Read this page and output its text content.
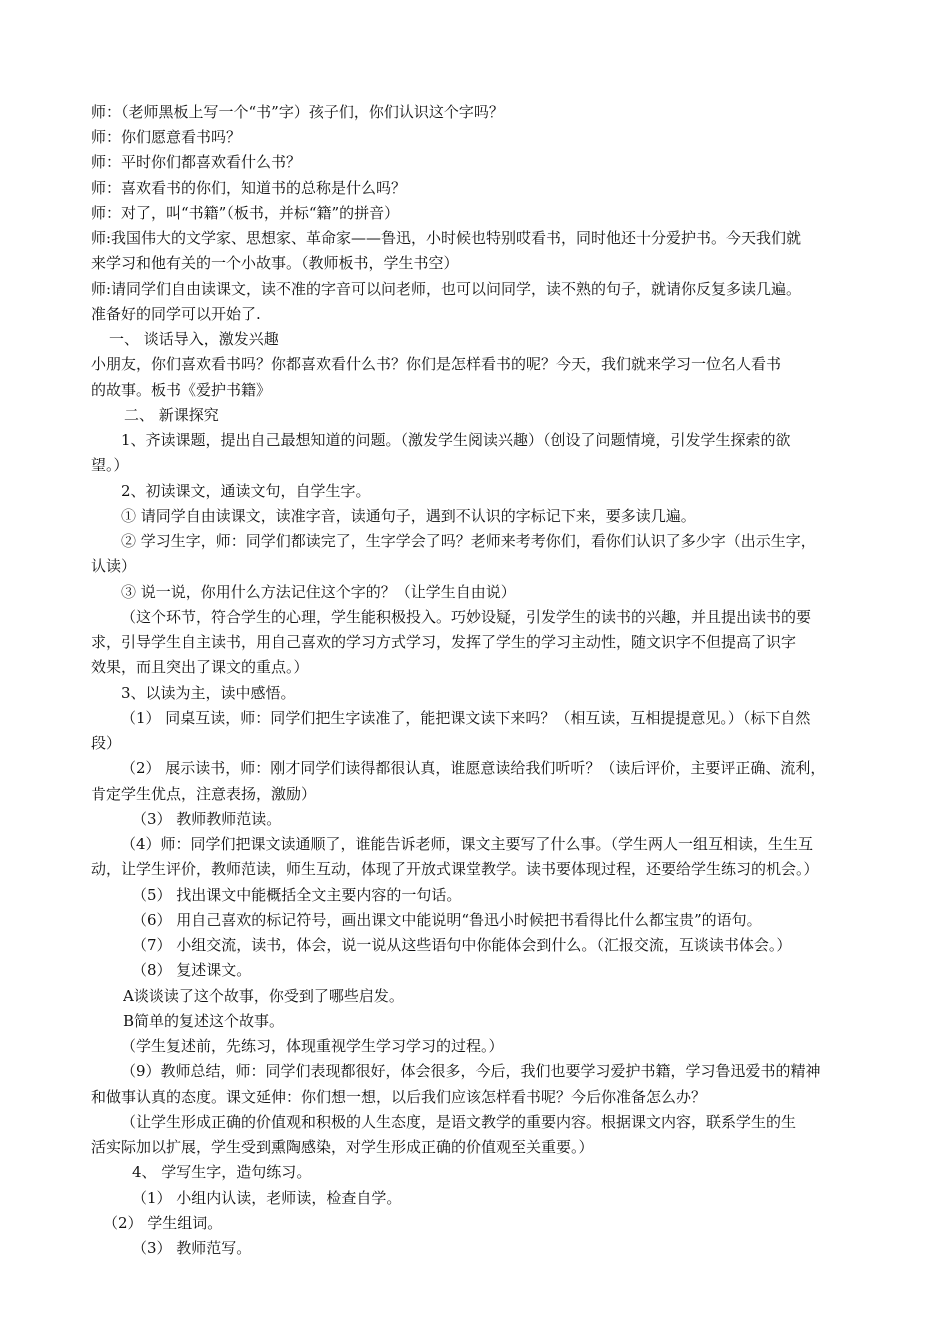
师：（老师黑板上写一个“书”字）孩子们，你们认识这个字吗？
师：你们愿意看书吗？
师：平时你们都喜欢看什么书？
师：喜欢看书的你们，知道书的总称是什么吗？
师：对了，叫“书籍”（板书，并标“籍”的拼音）
师:我国伟大的文学家、思想家、革命家——鲁迅，小时候也特别哎看书，同时他还十分爱护书。今天我们就
来学习和他有关的一个小故事。（教师板书，学生书空）
师:请同学们自由读课文，读不准的字音可以问老师，也可以问同学，读不熟的句子，就请你反复多读几遍。
准备好的同学可以开始了.
一、 谈话导入，激发兴趣
小朋友，你们喜欢看书吗？你都喜欢看什么书？你们是怎样看书的呢？今天，我们就来学习一位名人看书
的故事。板书《爱护书籍》
二、 新课探究
1、齐读课题，提出自己最想知道的问题。（激发学生阅读兴趣）（创设了问题情境，引发学生探索的欲
望。）
2、初读课文，通读文句，自学生字。
① 请同学自由读课文，读准字音，读通句子，遇到不认识的字标记下来，要多读几遍。
② 学习生字，师：同学们都读完了，生字学会了吗？老师来考考你们，看你们认识了多少字（出示生字，
认读）
③ 说一说，你用什么方法记住这个字的？（让学生自由说）
（这个环节，符合学生的心理，学生能积极投入。巧妙设疑，引发学生的读书的兴趣，并且提出读书的要
求，引导学生自主读书，用自己喜欢的学习方式学习，发挥了学生的学习主动性，随文识字不但提高了识字
效果，而且突出了课文的重点。）
3、以读为主，读中感悟。
（1） 同桌互读，师：同学们把生字读准了，能把课文读下来吗？（相互读，互相提提意见。）（标下自然
段）
（2） 展示读书，师：刚才同学们读得都很认真，谁愿意读给我们听听？（读后评价，主要评正确、流利，
肯定学生优点，注意表扬，激励）
（3） 教师教师范读。
（4）师：同学们把课文读通顺了，谁能告诉老师，课文主要写了什么事。（学生两人一组互相读，生生互
动，让学生评价，教师范读，师生互动，体现了开放式课堂教学。读书要体现过程，还要给学生练习的机会。）
（5） 找出课文中能概括全文主要内容的一句话。
（6） 用自己喜欢的标记符号，画出课文中能说明“鲁迅小时候把书看得比什么都宝贵”的语句。
（7） 小组交流，读书，体会，说一说从这些语句中你能体会到什么。（汇报交流，互谈读书体会。）
（8） 复述课文。
A谈谈读了这个故事，你受到了哪些启发。
B简单的复述这个故事。
（学生复述前，先练习，体现重视学生学习学习的过程。）
（9）教师总结，师：同学们表现都很好，体会很多，今后，我们也要学习爱护书籍，学习鲁迅爱书的精神
和做事认真的态度。课文延伸：你们想一想，以后我们应该怎样看书呢？今后你准备怎么办？
（让学生形成正确的价值观和积极的人生态度，是语文教学的重要内容。根据课文内容，联系学生的生
活实际加以扩展，学生受到熏陶感染，对学生形成正确的价值观至关重要。）
4、 学写生字，造句练习。
（1） 小组内认读，老师读，检查自学。
（2） 学生组词。
（3） 教师范写。
